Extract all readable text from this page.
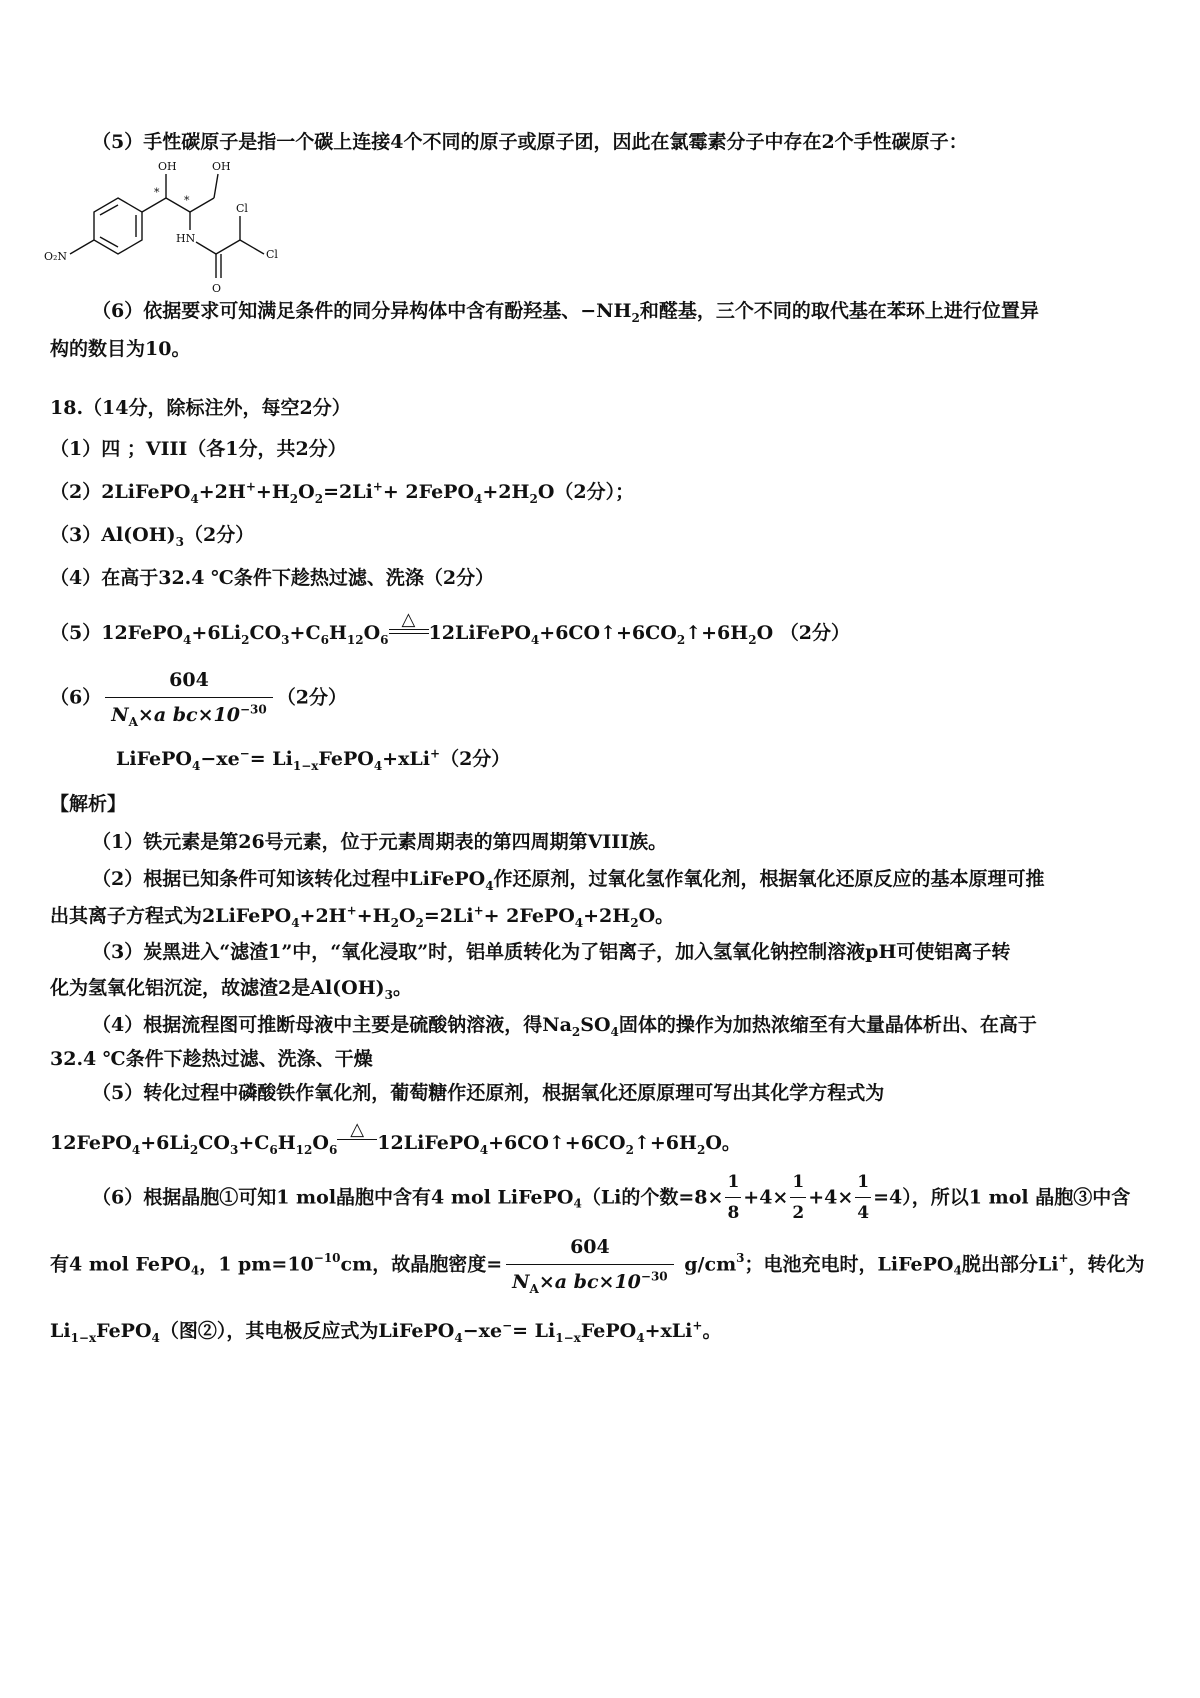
（5）手性碳原子是指一个碳上连接4个不同的原子或原子团，因此在氯霉素分子中存在2个手性碳原子：
OH	OH
*
*
HN
Cl
Cl
O
O₂N
（6）依据要求可知满足条件的同分异构体中含有酚羟基、$-NH_2$和醛基，三个不同的取代基在苯环上进行位置异
构的数目为10。
18.（14分，除标注外，每空2分）
（1）四 ；VIII（各1分，共2分）
$(2)2LiFePO_4+2H^++H_2O_2=2Li^++$ $2FePO_4+2H_2O(2$分）；
$(3)Al(OH)_3(2$分）
（4）在高于32.4 ℃条件下趁热过滤、洗涤（2分）
$(5)12FePO_4+6Li_2CO_3+C_6H_{12}O_6$
△
$12LiFePO_4+6CO↑+6CO_2↑+6H_2O$ （2分）
$(6) \frac{604}{N_A\times a bc\times 10^{-30}} (2$分）
LiFePO$_4$−xe−= $Li_{1-x}FePO_4+xLi^+(2$分）
【解析】
（1）铁元素是第26号元素，位于元素周期表的第四周期第VIII族。
（2）根据已知条件可知该转化过程中LiFePO$_4$作还原剂，过氧化氢作氧化剂，根据氧化还原反应的基本原理可推
出其离子方程式为$2LiFePO_4+2H^++H_2O_2=2Li^++$ $2FePO_4+2H_2O$。
（3）炭黑进入“滤渣1”中，“氧化浸取”时，铝单质转化为了铝离子，加入氢氧化钠控制溶液pH可使铝离子转
化为氢氧化铝沉淀，故滤渣2是$Al(OH)_3$。
（4）根据流程图可推断母液中主要是硫酸钠溶液，得$Na_2SO_4$固体的操作为加热浓缩至有大量晶体析出、在高于
32.4 ℃条件下趁热过滤、洗涤、干燥
（5）转化过程中磷酸铁作氧化剂，葡萄糖作还原剂，根据氧化还原原理可写出其化学方程式为
$12FePO_4+6Li_2CO_3+C_6H_{12}O_6$
△
$12LiFePO_4+6CO↑+6CO_2↑+6H_2O$。
（6）根据晶胞①可知1 mol晶胞中含有4 mol LiFePO$_4$（Li的个数$=8\times \frac{1}{8} +4\times \frac{1}{2} +4\times \frac{1}{4} =4$），所以1 mol 晶胞③中含
有4 mol FePO$_4$，1 $pm=10^{-10}cm$，故晶胞密度= $\frac{604}{N_A\times a bc\times 10^{-30}} g/cm^3$；电池充电时，LiFePO$_4$脱出部分Li+，转化为
$Li_{1-x}FePO_4$（图②），其电极反应式为LiFePO$_4$−xe−= $Li_{1-x}FePO_4+xLi^+$。
